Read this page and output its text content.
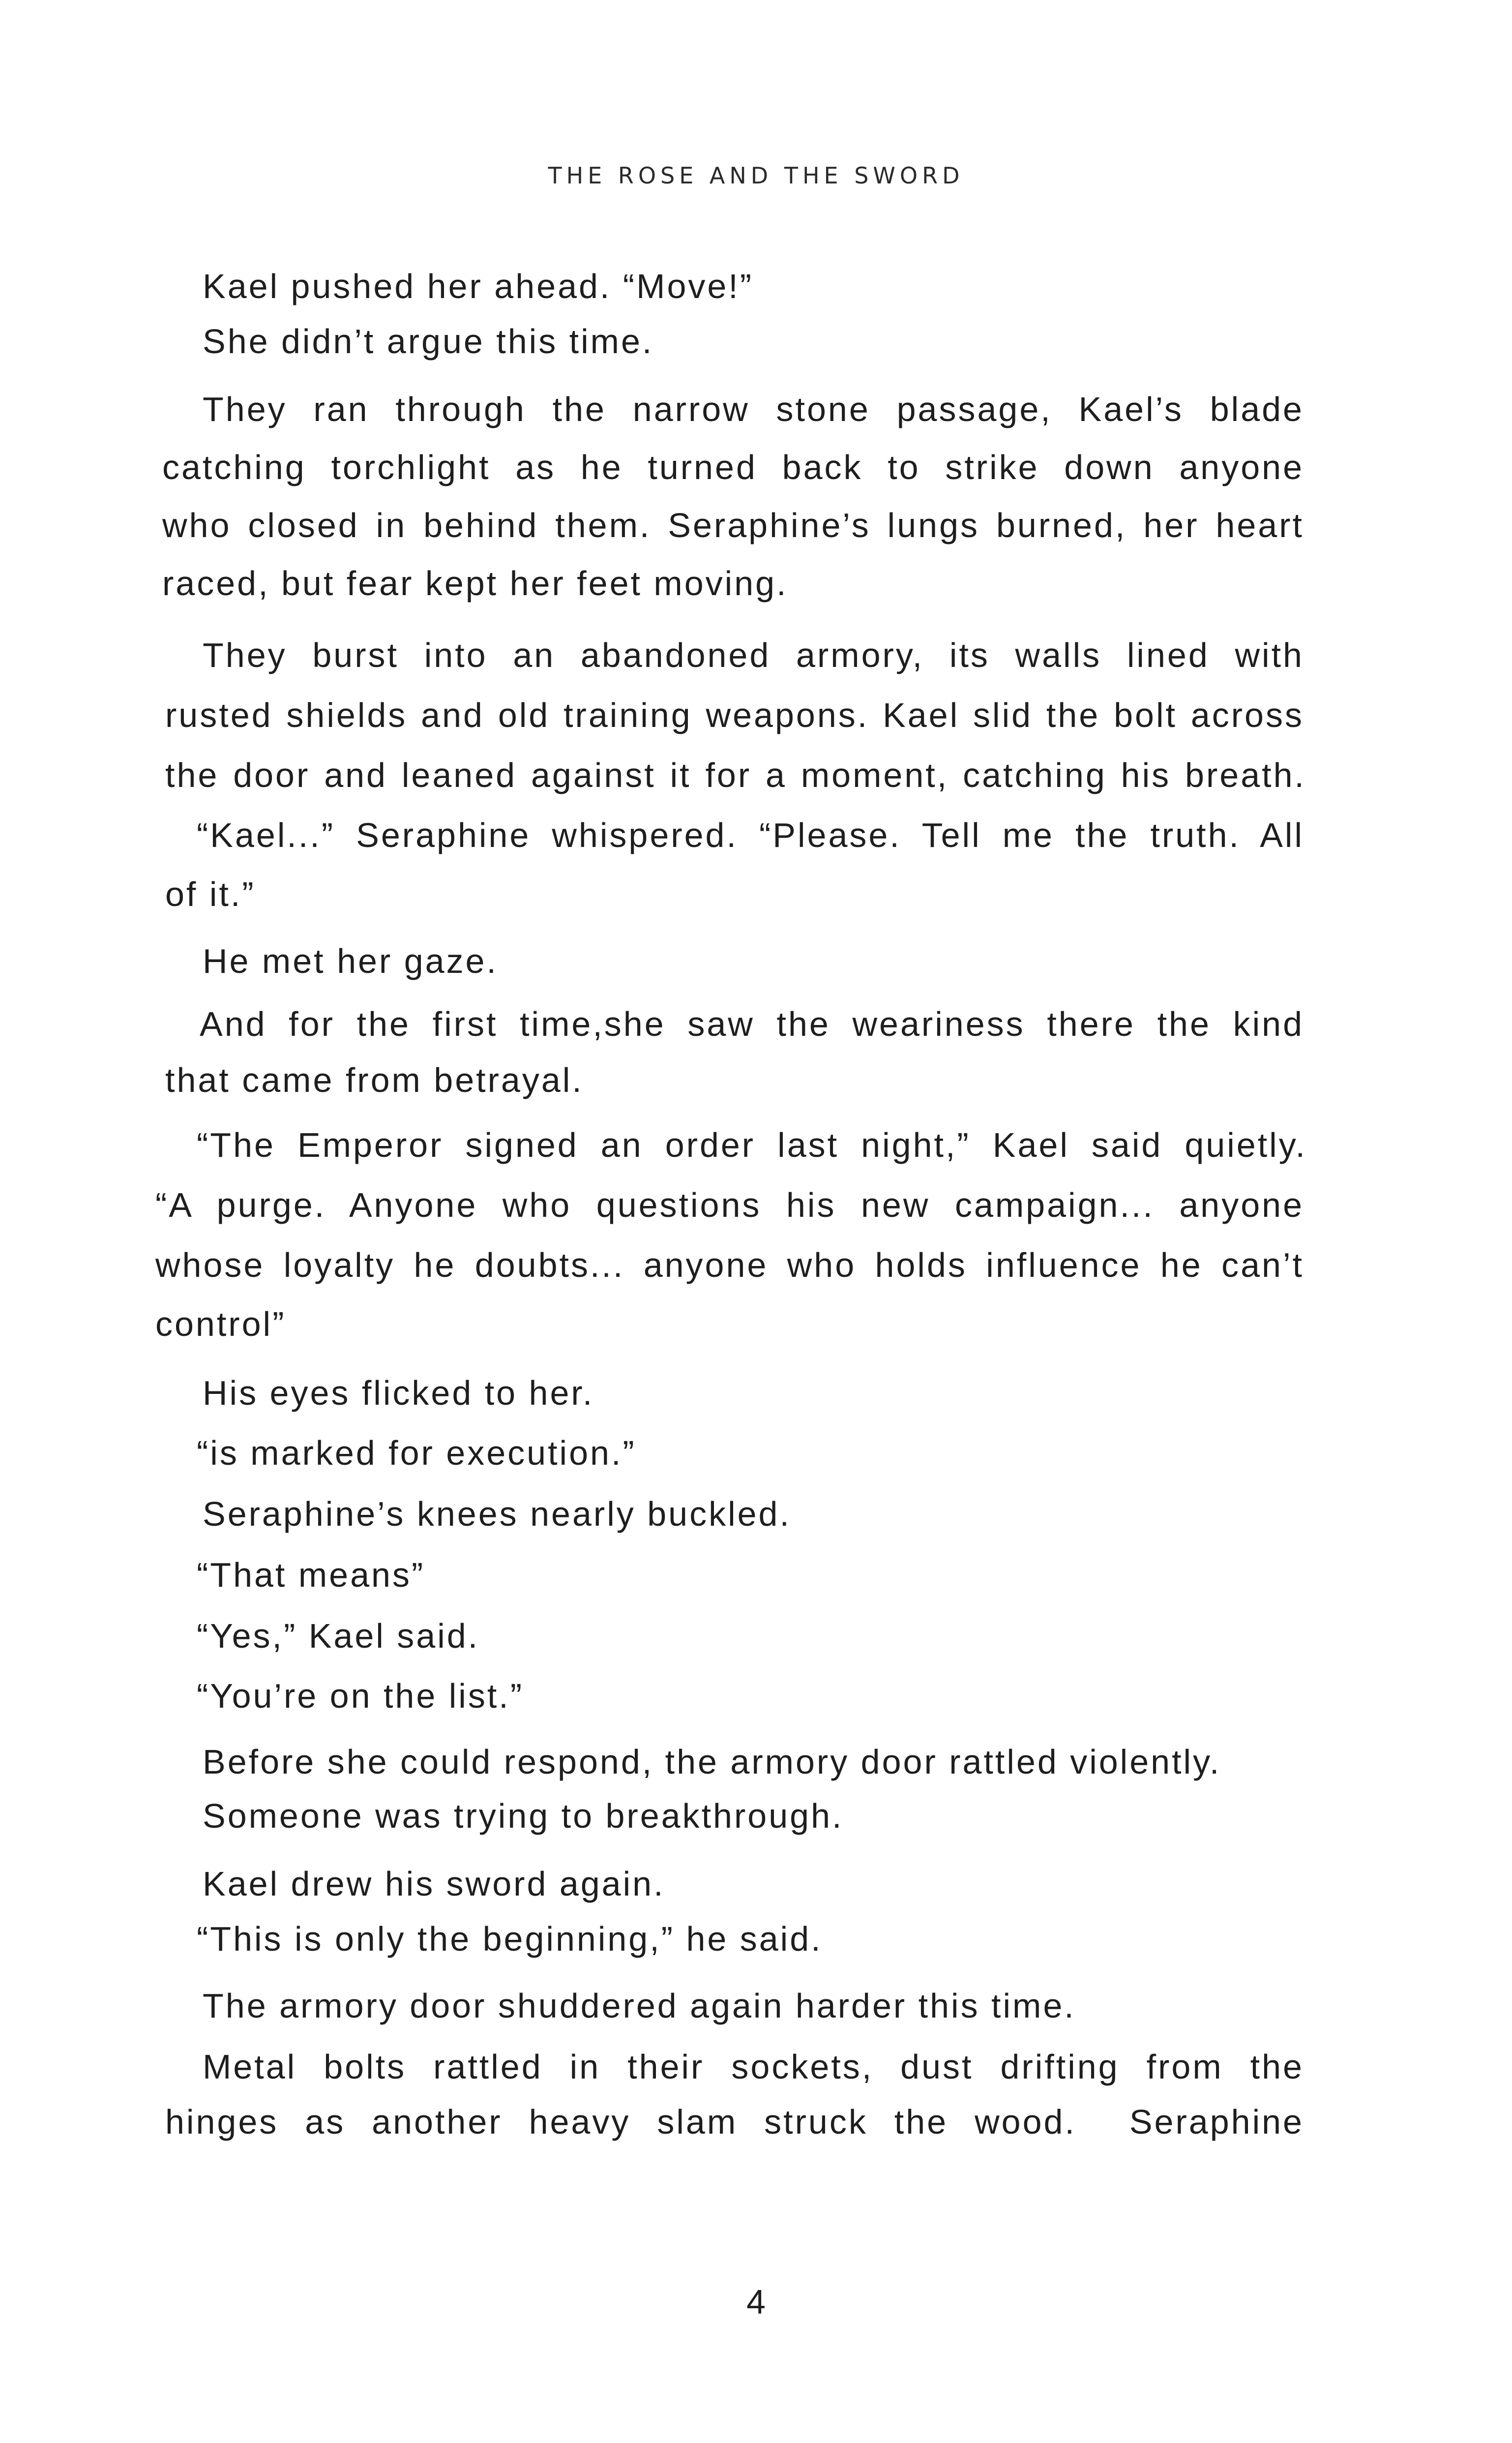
THE ROSE AND THE SWORD
Kael pushed her ahead. “Move!”
She didn’t argue this time.
They ran through the narrow stone passage, Kael’s blade
catching torchlight as he turned back to strike down anyone
who closed in behind them. Seraphine’s lungs burned, her heart
raced, but fear kept her feet moving.
They burst into an abandoned armory, its walls lined with
rusted shields and old training weapons. Kael slid the bolt across
the door and leaned against it for a moment, catching his breath.
“Kael...” Seraphine whispered. “Please. Tell me the truth. All
of it.”
He met her gaze.
And for the first time,she saw the weariness there the kind
that came from betrayal.
“The Emperor signed an order last night,” Kael said quietly.
“A purge. Anyone who questions his new campaign... anyone
whose loyalty he doubts... anyone who holds influence he can’t
control”
His eyes flicked to her.
“is marked for execution.”
Seraphine’s knees nearly buckled.
“That means”
“Yes,” Kael said.
“You’re on the list.”
Before she could respond, the armory door rattled violently.
Someone was trying to breakthrough.
Kael drew his sword again.
“This is only the beginning,” he said.
The armory door shuddered again harder this time.
Metal bolts rattled in their sockets, dust drifting from the
hinges as another heavy slam struck the wood.  Seraphine
4
